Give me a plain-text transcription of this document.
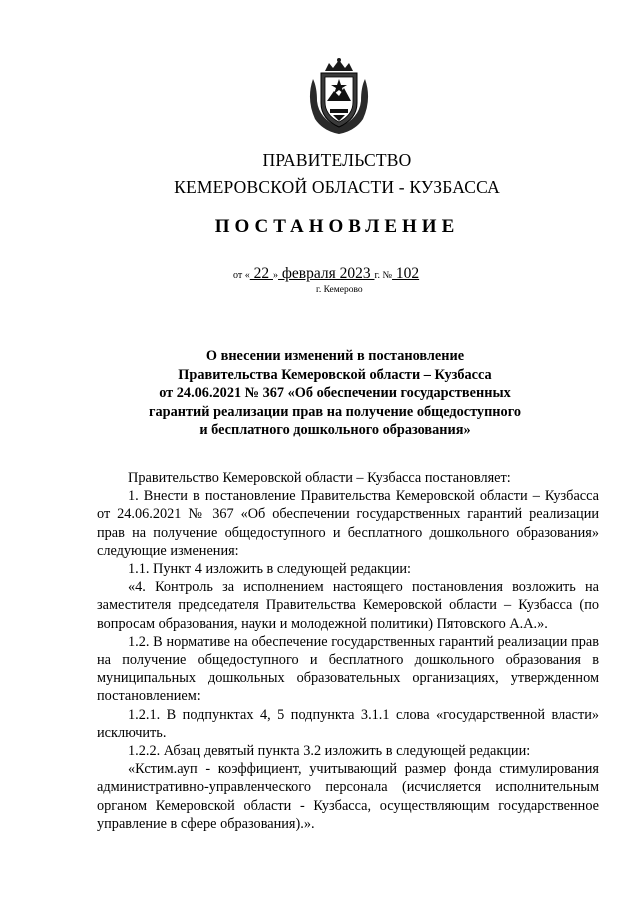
ПРАВИТЕЛЬСТВО
КЕМЕРОВСКОЙ ОБЛАСТИ - КУЗБАССА
ПОСТАНОВЛЕНИЕ
от « 22 » февраля 2023 г. № 102
г. Кемерово
О внесении изменений в постановление
Правительства Кемеровской области – Кузбасса
от 24.06.2021 № 367 «Об обеспечении государственных
гарантий реализации прав на получение общедоступного
и бесплатного дошкольного образования»

Правительство Кемеровской области – Кузбасса постановляет:

1. Внести в постановление Правительства Кемеровской области – Кузбасса от 24.06.2021 № 367 «Об обеспечении государственных гарантий реализации прав на получение общедоступного и бесплатного дошкольного образования» следующие изменения:

1.1. Пункт 4 изложить в следующей редакции:

«4. Контроль за исполнением настоящего постановления возложить на заместителя председателя Правительства Кемеровской области – Кузбасса (по вопросам образования, науки и молодежной политики) Пятовского А.А.».

1.2. В нормативе на обеспечение государственных гарантий реализации прав на получение общедоступного и бесплатного дошкольного образования в муниципальных дошкольных образовательных организациях, утвержденном постановлением:

1.2.1. В подпунктах 4, 5 подпункта 3.1.1 слова «государственной власти» исключить.

1.2.2. Абзац девятый пункта 3.2 изложить в следующей редакции:

«Кстим.ауп - коэффициент, учитывающий размер фонда стимулирования административно-управленческого персонала (исчисляется исполнительным органом Кемеровской области - Кузбасса, осуществляющим государственное управление в сфере образования).».
